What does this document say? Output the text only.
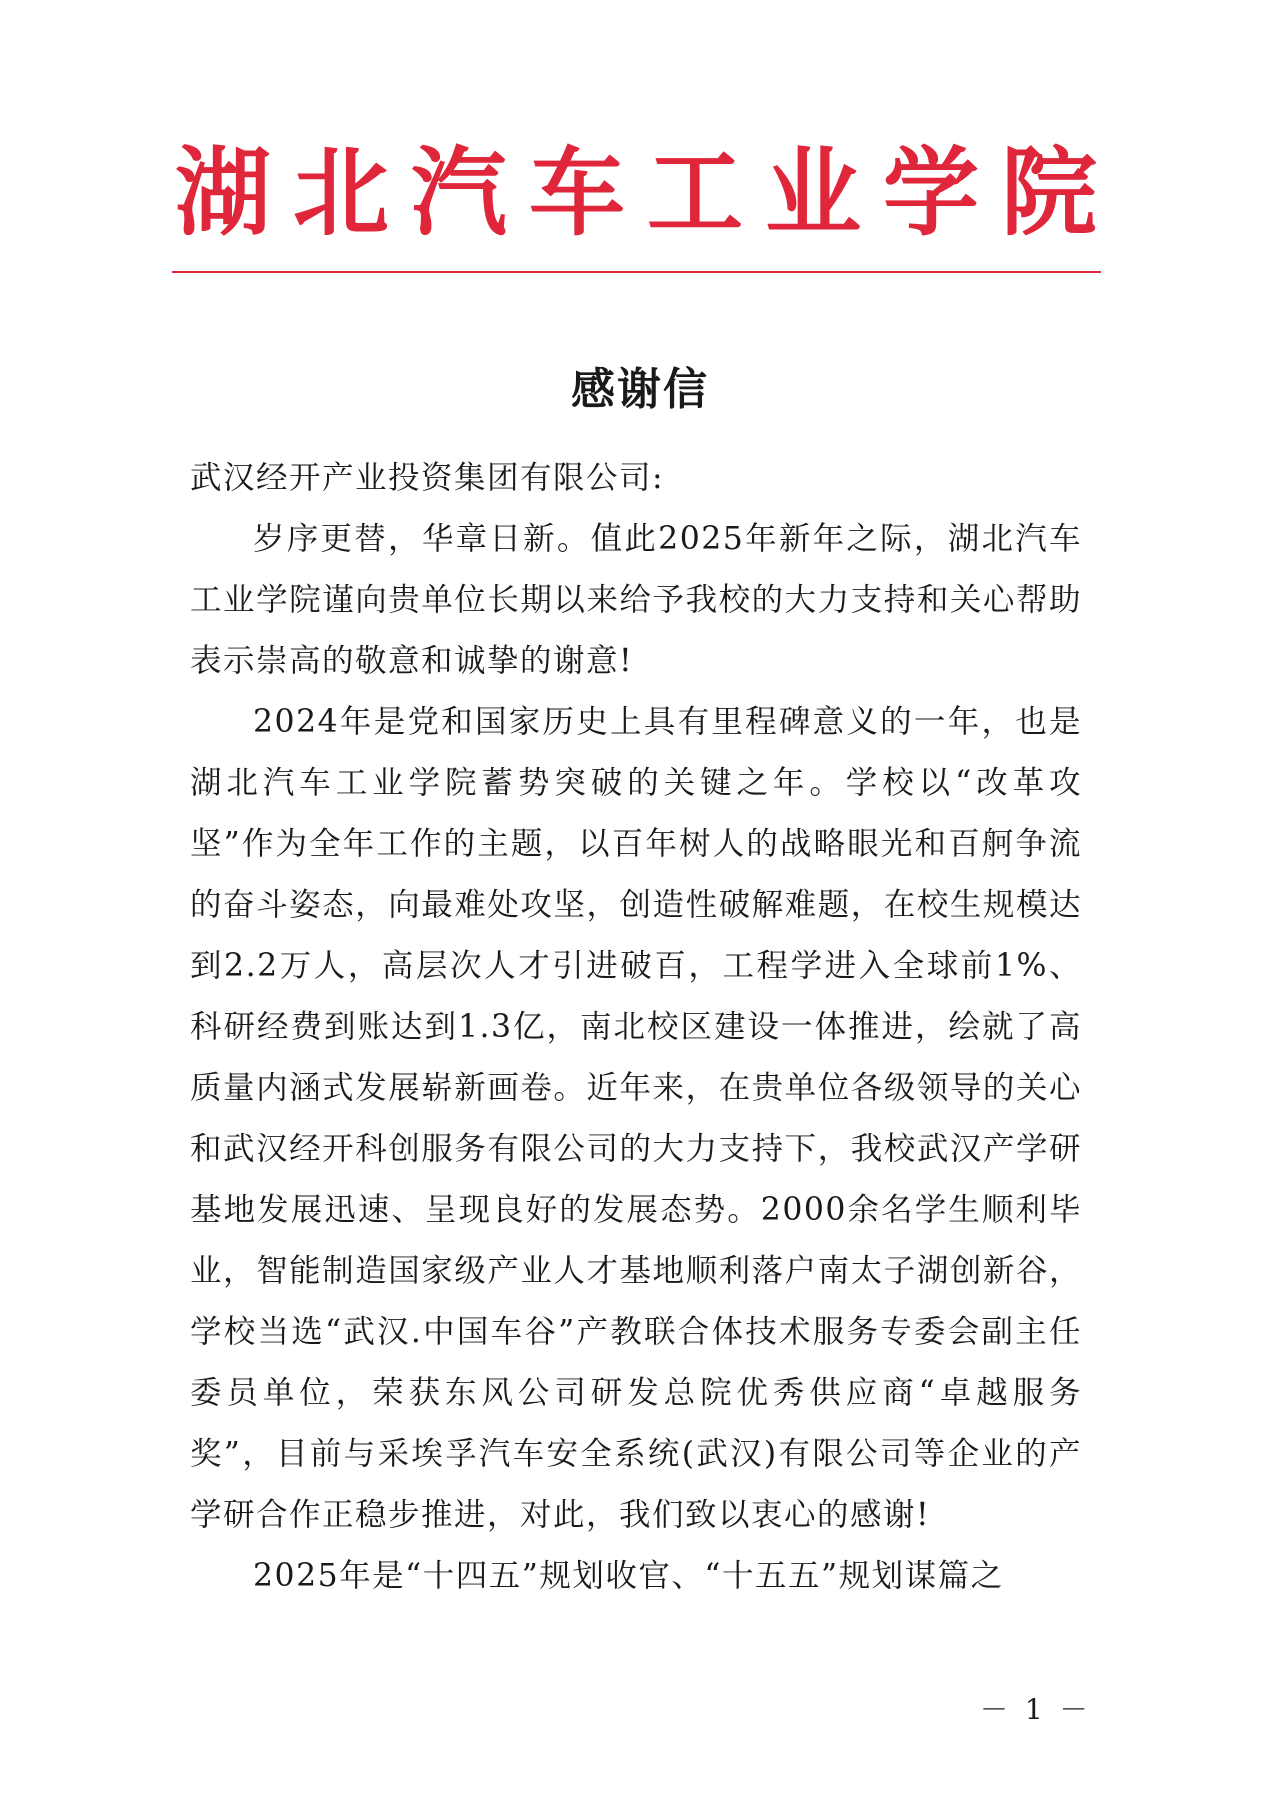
湖北汽车工业学院
感谢信

武汉经开产业投资集团有限公司:

岁序更替，华章日新。值此2025年新年之际，湖北汽车工业学院谨向贵单位长期以来给予我校的大力支持和关心帮助表示崇高的敬意和诚挚的谢意!

2024年是党和国家历史上具有里程碑意义的一年，也是湖北汽车工业学院蓄势突破的关键之年。学校以“改革攻坚”作为全年工作的主题，以百年树人的战略眼光和百舸争流的奋斗姿态，向最难处攻坚，创造性破解难题，在校生规模达到2.2万人，高层次人才引进破百，工程学进入全球前1%、科研经费到账达到1.3亿，南北校区建设一体推进，绘就了高质量内涵式发展崭新画卷。近年来，在贵单位各级领导的关心和武汉经开科创服务有限公司的大力支持下，我校武汉产学研基地发展迅速、呈现良好的发展态势。2000余名学生顺利毕业，智能制造国家级产业人才基地顺利落户南太子湖创新谷，学校当选“武汉.中国车谷”产教联合体技术服务专委会副主任委员单位，荣获东风公司研发总院优秀供应商“卓越服务奖”，目前与采埃孚汽车安全系统(武汉)有限公司等企业的产学研合作正稳步推进，对此，我们致以衷心的感谢!

2025年是“十四五”规划收官、“十五五”规划谋篇之

－ 1 －
